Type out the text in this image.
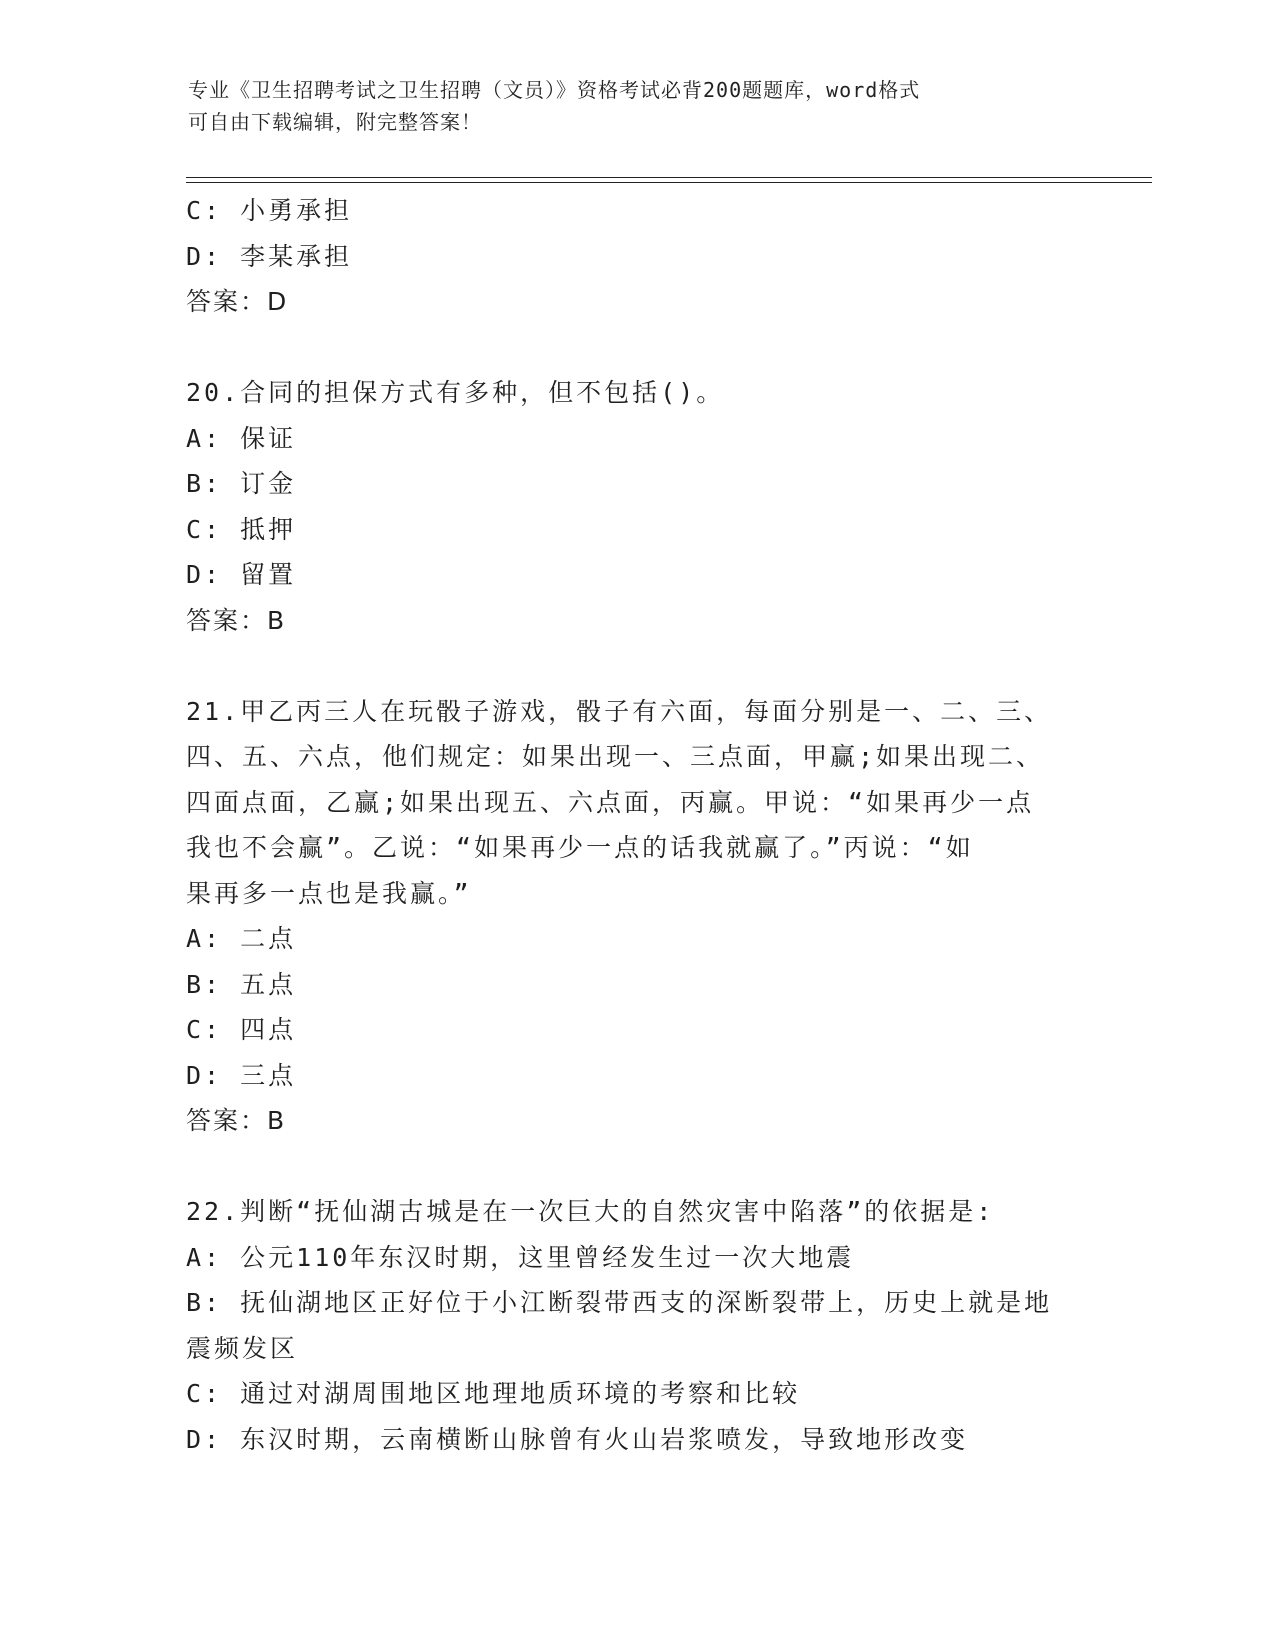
专业《卫生招聘考试之卫生招聘（文员）》资格考试必背200题题库，word格式
可自由下载编辑，附完整答案！
C: 小勇承担
D: 李某承担
答案：D
20.合同的担保方式有多种，但不包括()。
A: 保证
B: 订金
C: 抵押
D: 留置
答案：B
21.甲乙丙三人在玩骰子游戏，骰子有六面，每面分别是一、二、三、
四、五、六点，他们规定：如果出现一、三点面，甲赢;如果出现二、
四面点面，乙赢;如果出现五、六点面，丙赢。甲说：“如果再少一点
我也不会赢”。乙说：“如果再少一点的话我就赢了。”丙说：“如
果再多一点也是我赢。”
A: 二点
B: 五点
C: 四点
D: 三点
答案：B
22.判断“抚仙湖古城是在一次巨大的自然灾害中陷落”的依据是:
A: 公元110年东汉时期，这里曾经发生过一次大地震
B: 抚仙湖地区正好位于小江断裂带西支的深断裂带上，历史上就是地
震频发区
C: 通过对湖周围地区地理地质环境的考察和比较
D: 东汉时期，云南横断山脉曾有火山岩浆喷发，导致地形改变
